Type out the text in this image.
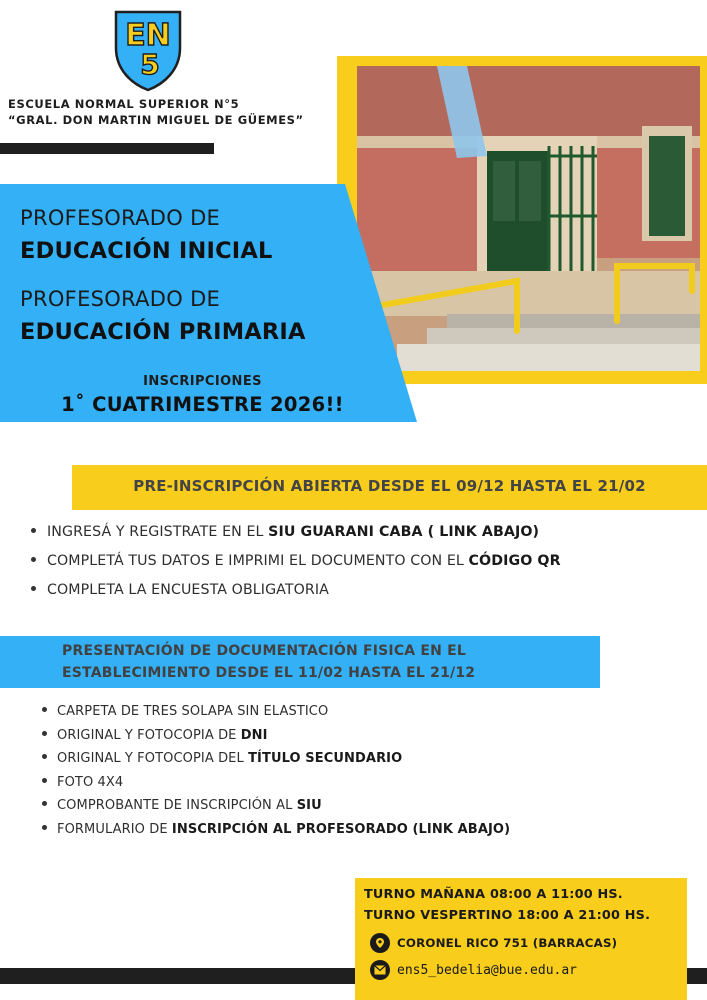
EN
5
ESCUELA NORMAL SUPERIOR N°5
“GRAL. DON MARTIN MIGUEL DE GÜEMES”
PROFESORADO DE
EDUCACIÓN INICIAL
PROFESORADO DE
EDUCACIÓN PRIMARIA
INSCRIPCIONES
1˚ CUATRIMESTRE 2026!!
PRE-INSCRIPCIÓN ABIERTA DESDE EL 09/12 HASTA EL 21/02
INGRESÁ Y REGISTRATE EN EL SIU GUARANI CABA ( LINK ABAJO)
COMPLETÁ TUS DATOS E IMPRIMI EL DOCUMENTO CON EL CÓDIGO QR
COMPLETA LA ENCUESTA OBLIGATORIA
PRESENTACIÓN DE DOCUMENTACIÓN FISICA EN EL
ESTABLECIMIENTO DESDE EL 11/02 HASTA EL 21/12
CARPETA DE TRES SOLAPA SIN ELASTICO
ORIGINAL Y FOTOCOPIA DE DNI
ORIGINAL Y FOTOCOPIA DEL TÍTULO SECUNDARIO
FOTO 4X4
COMPROBANTE DE INSCRIPCIÓN AL SIU
FORMULARIO DE INSCRIPCIÓN AL PROFESORADO (LINK ABAJO)
TURNO MAÑANA 08:00 A 11:00 HS.
TURNO VESPERTINO 18:00 A 21:00 HS.
CORONEL RICO 751 (BARRACAS)
ens5_bedelia@bue.edu.ar
